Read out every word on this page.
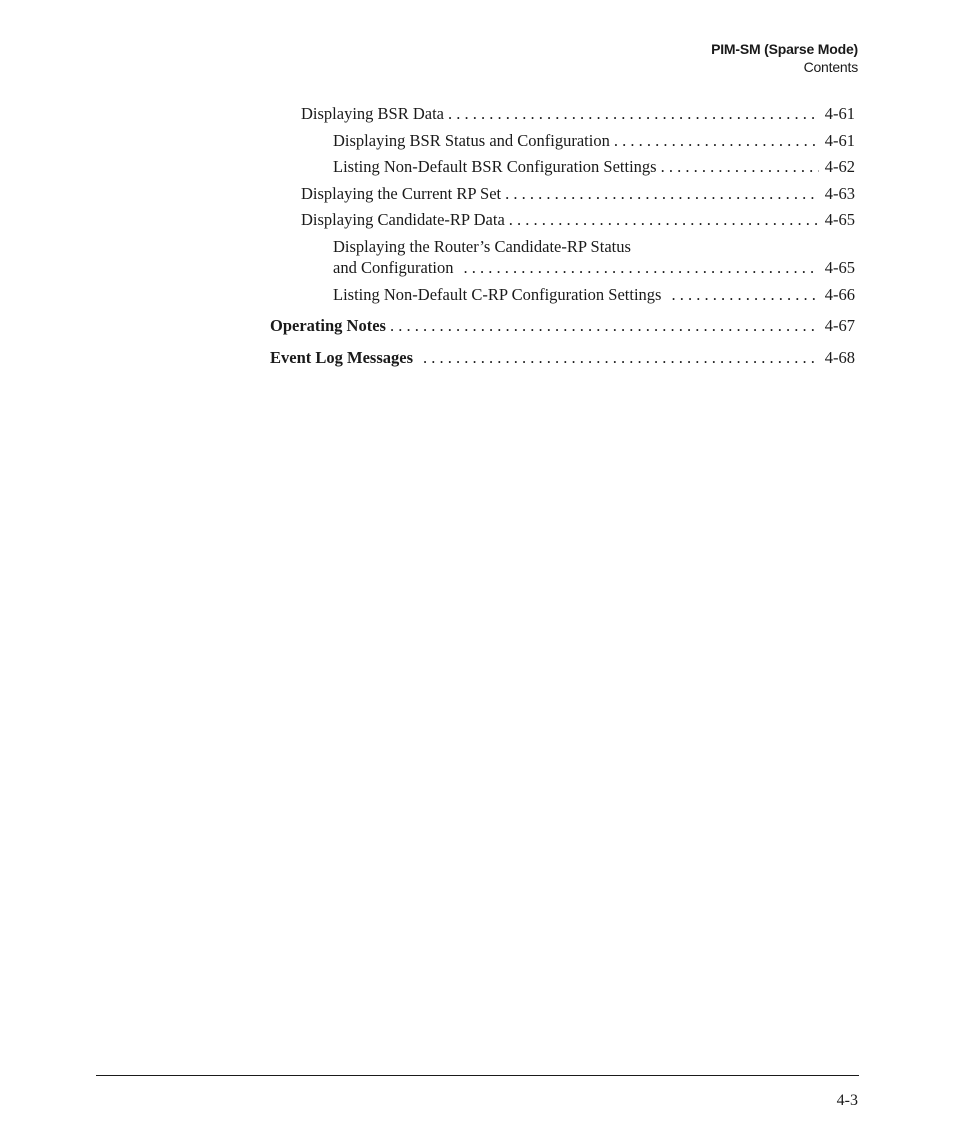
PIM-SM (Sparse Mode)
Contents
Displaying BSR Data . . .	4-61
Displaying BSR Status and Configuration . . .	4-61
Listing Non-Default BSR Configuration Settings . . .	4-62
Displaying the Current RP Set . . .	4-63
Displaying Candidate-RP Data . . .	4-65
Displaying the Router’s Candidate-RP Status
and Configuration . . .	4-65
Listing Non-Default C-RP Configuration Settings . . .	4-66
Operating Notes . . .	4-67
Event Log Messages . . .	4-68
4-3
